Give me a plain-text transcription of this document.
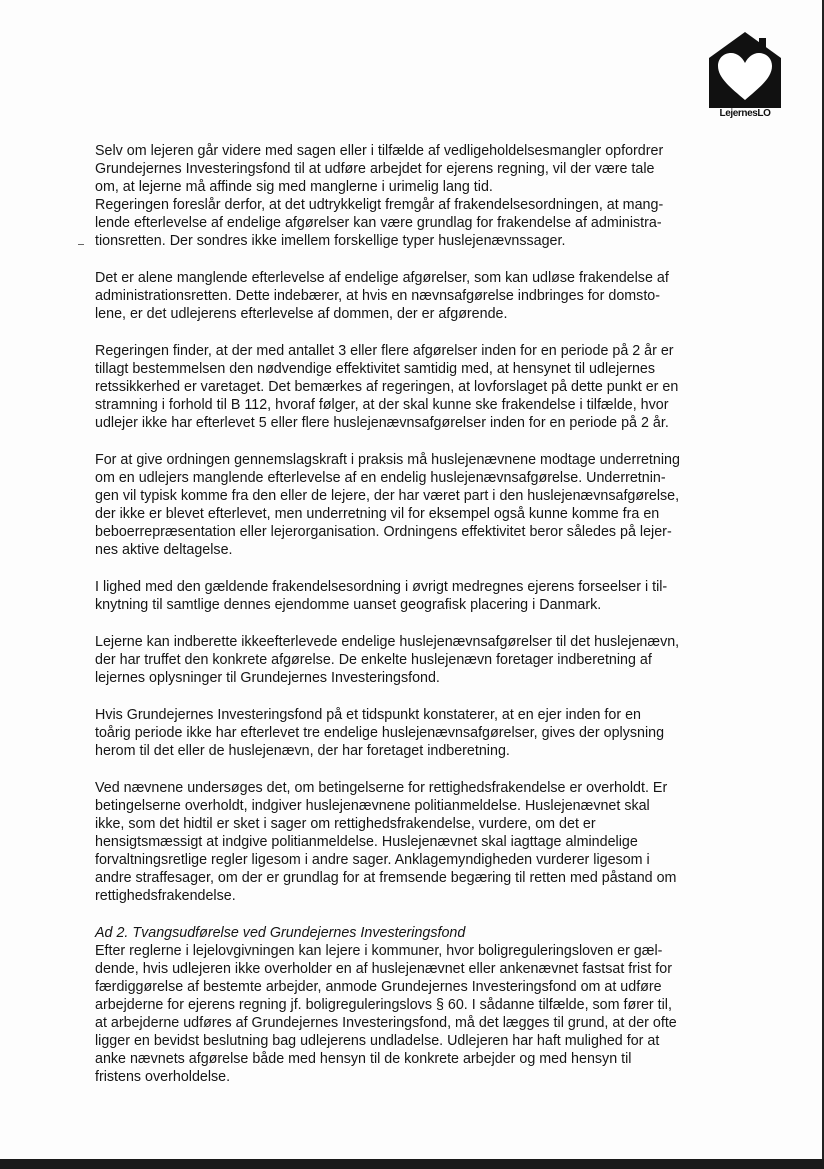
LejernesLO
Selv om lejeren går videre med sagen eller i tilfælde af vedligeholdelsesmangler opfordrer
Grundejernes Investeringsfond til at udføre arbejdet for ejerens regning, vil der være tale
om, at lejerne må affinde sig med manglerne i urimelig lang tid.
Regeringen foreslår derfor, at det udtrykkeligt fremgår af frakendelsesordningen, at mang-
lende efterlevelse af endelige afgørelser kan være grundlag for frakendelse af administra-
tionsretten. Der sondres ikke imellem forskellige typer huslejenævnssager.
Det er alene manglende efterlevelse af endelige afgørelser, som kan udløse frakendelse af
administrationsretten. Dette indebærer, at hvis en nævnsafgørelse indbringes for domsto-
lene, er det udlejerens efterlevelse af dommen, der er afgørende.
Regeringen finder, at der med antallet 3 eller flere afgørelser inden for en periode på 2 år er
tillagt bestemmelsen den nødvendige effektivitet samtidig med, at hensynet til udlejernes
retssikkerhed er varetaget. Det bemærkes af regeringen, at lovforslaget på dette punkt er en
stramning i forhold til B 112, hvoraf følger, at der skal kunne ske frakendelse i tilfælde, hvor
udlejer ikke har efterlevet 5 eller flere huslejenævnsafgørelser inden for en periode på 2 år.
For at give ordningen gennemslagskraft i praksis må huslejenævnene modtage underretning
om en udlejers manglende efterlevelse af en endelig huslejenævnsafgørelse. Underretnin-
gen vil typisk komme fra den eller de lejere, der har været part i den huslejenævnsafgørelse,
der ikke er blevet efterlevet, men underretning vil for eksempel også kunne komme fra en
beboerrepræsentation eller lejerorganisation. Ordningens effektivitet beror således på lejer-
nes aktive deltagelse.
I lighed med den gældende frakendelsesordning i øvrigt medregnes ejerens forseelser i til-
knytning til samtlige dennes ejendomme uanset geografisk placering i Danmark.
Lejerne kan indberette ikkeefterlevede endelige huslejenævnsafgørelser til det huslejenævn,
der har truffet den konkrete afgørelse. De enkelte huslejenævn foretager indberetning af
lejernes oplysninger til Grundejernes Investeringsfond.
Hvis Grundejernes Investeringsfond på et tidspunkt konstaterer, at en ejer inden for en
toårig periode ikke har efterlevet tre endelige huslejenævnsafgørelser, gives der oplysning
herom til det eller de huslejenævn, der har foretaget indberetning.
Ved nævnene undersøges det, om betingelserne for rettighedsfrakendelse er overholdt. Er
betingelserne overholdt, indgiver huslejenævnene politianmeldelse. Huslejenævnet skal
ikke, som det hidtil er sket i sager om rettighedsfrakendelse, vurdere, om det er
hensigtsmæssigt at indgive politianmeldelse. Huslejenævnet skal iagttage almindelige
forvaltningsretlige regler ligesom i andre sager. Anklagemyndigheden vurderer ligesom i
andre straffesager, om der er grundlag for at fremsende begæring til retten med påstand om
rettighedsfrakendelse.
Ad 2. Tvangsudførelse ved Grundejernes Investeringsfond
Efter reglerne i lejelovgivningen kan lejere i kommuner, hvor boligreguleringsloven er gæl-
dende, hvis udlejeren ikke overholder en af huslejenævnet eller ankenævnet fastsat frist for
færdiggørelse af bestemte arbejder, anmode Grundejernes Investeringsfond om at udføre
arbejderne for ejerens regning jf. boligreguleringslovs § 60. I sådanne tilfælde, som fører til,
at arbejderne udføres af Grundejernes Investeringsfond, må det lægges til grund, at der ofte
ligger en bevidst beslutning bag udlejerens undladelse. Udlejeren har haft mulighed for at
anke nævnets afgørelse både med hensyn til de konkrete arbejder og med hensyn til
fristens overholdelse.
